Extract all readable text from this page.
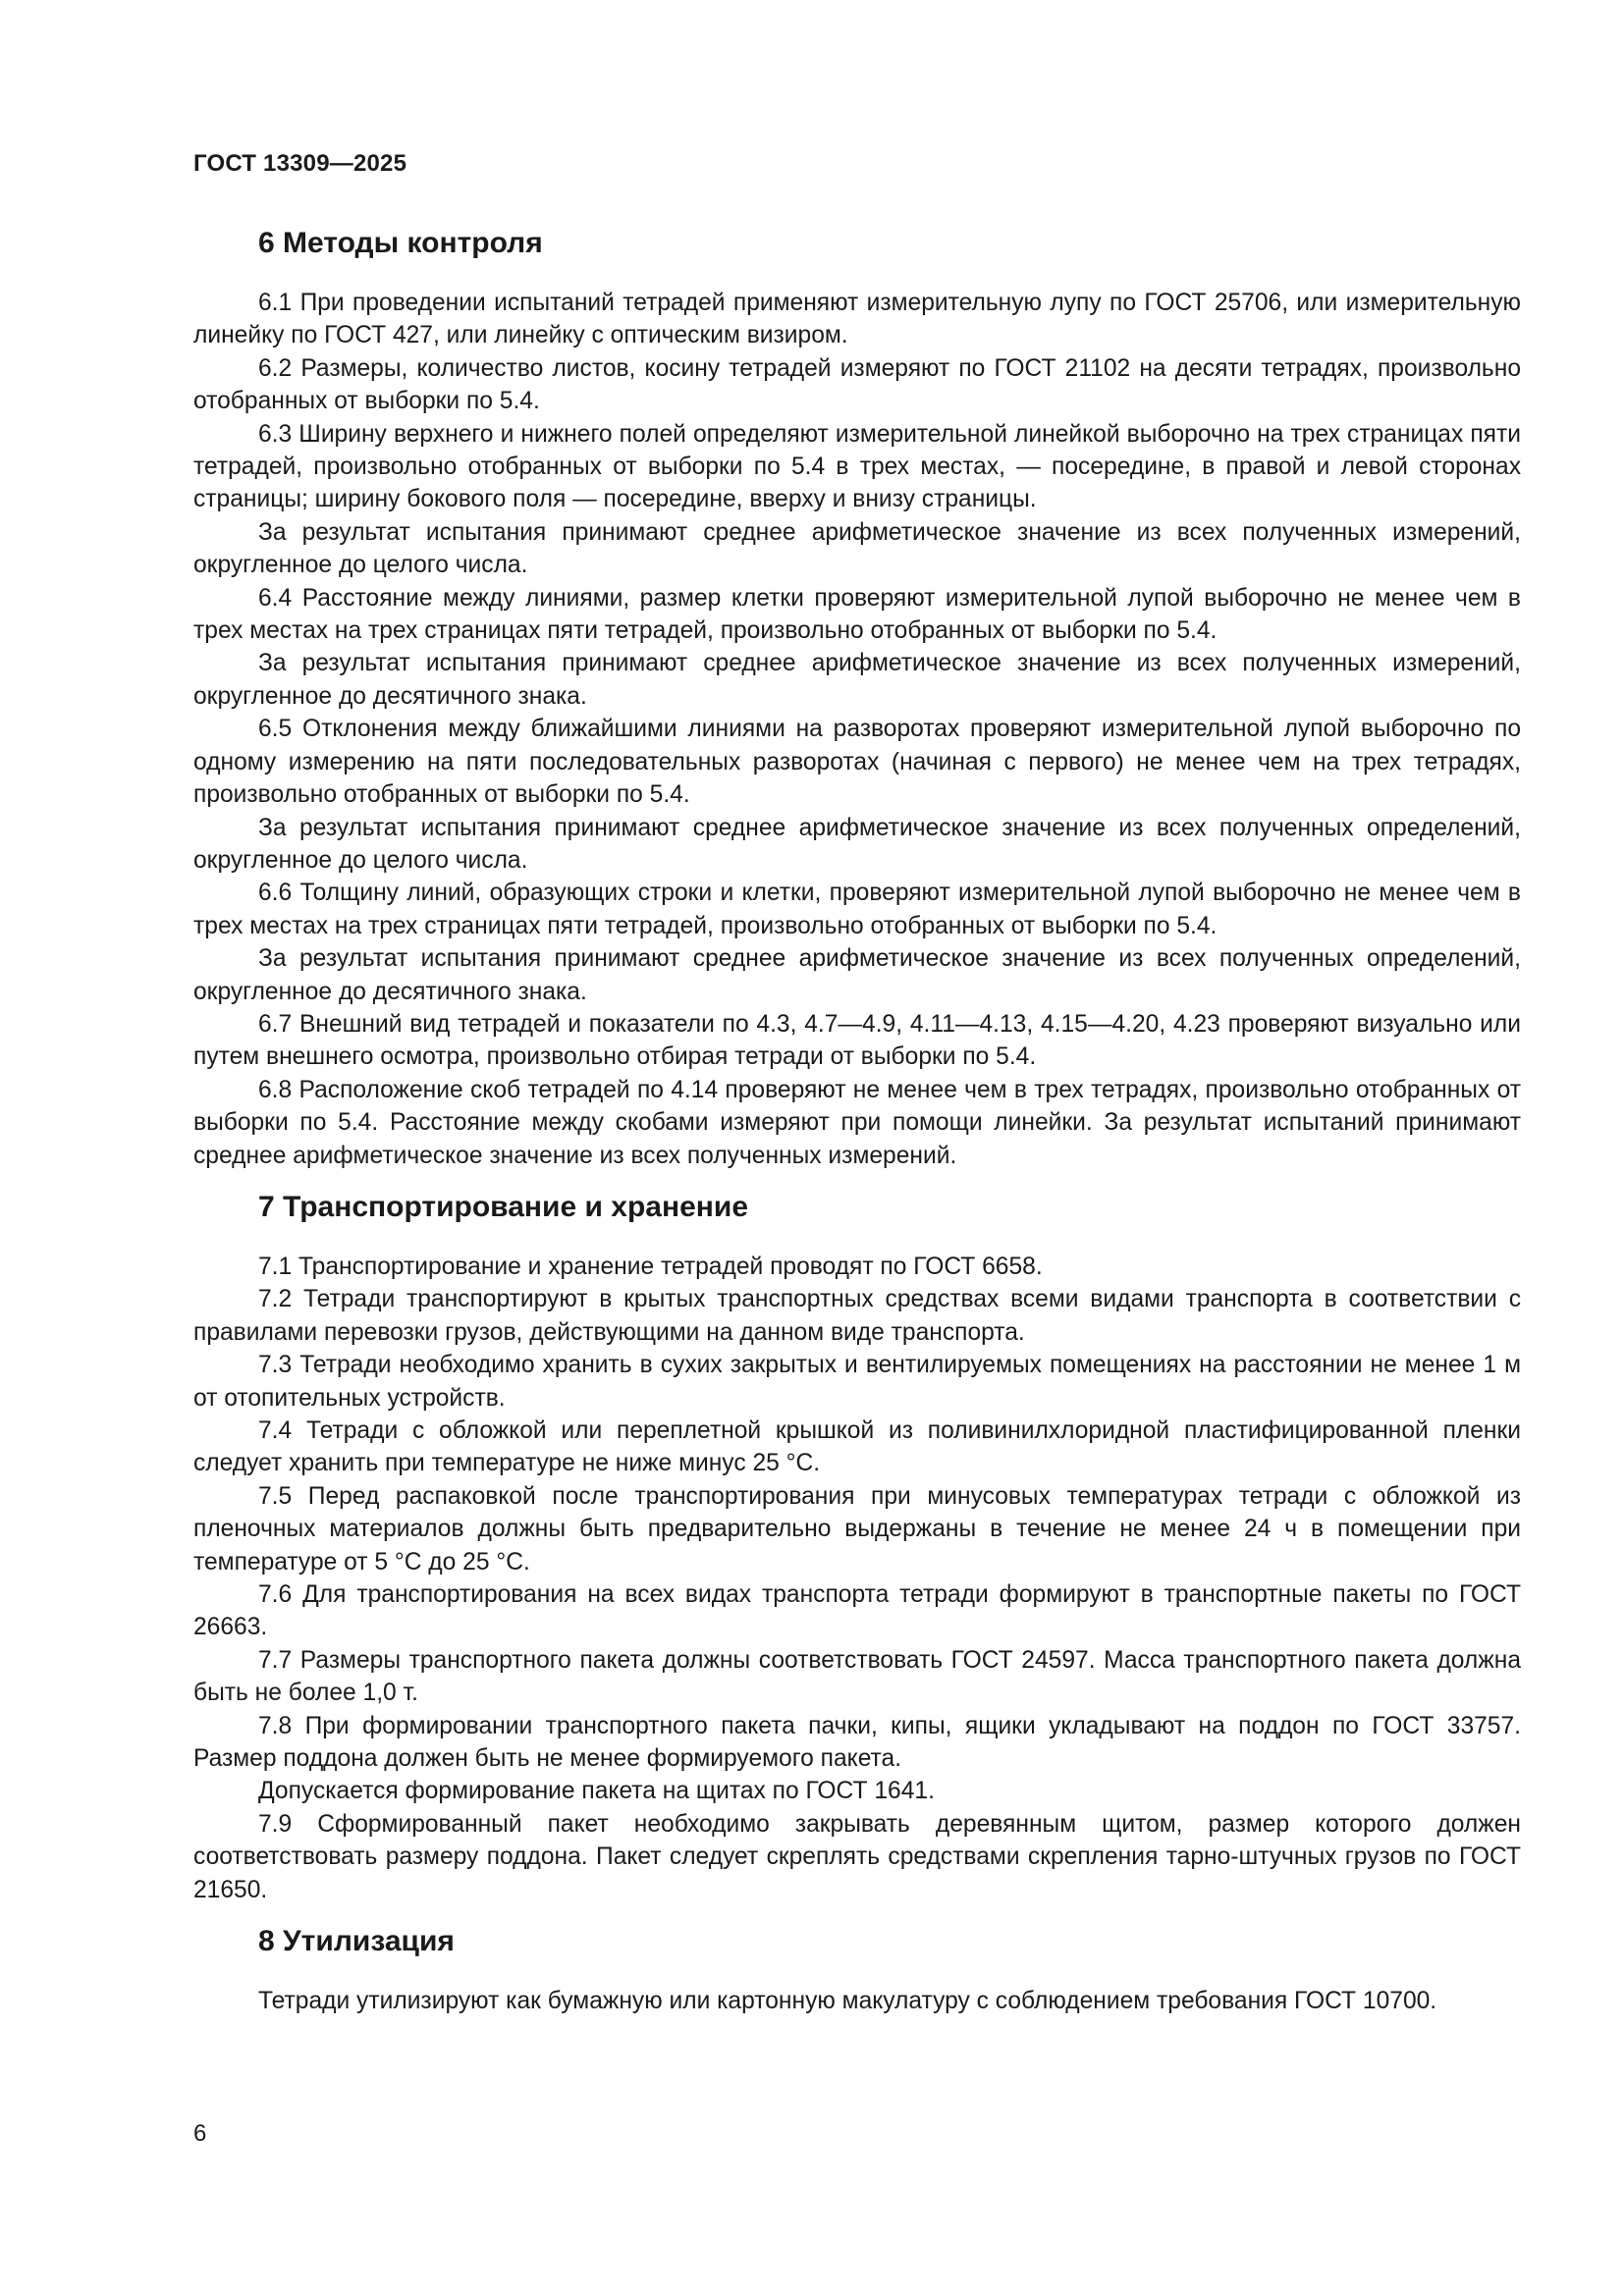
ГОСТ 13309—2025
6 Методы контроля

6.1 При проведении испытаний тетрадей применяют измерительную лупу по ГОСТ 25706, или измерительную линейку по ГОСТ 427, или линейку с оптическим визиром.

6.2 Размеры, количество листов, косину тетрадей измеряют по ГОСТ 21102 на десяти тетрадях, произвольно отобранных от выборки по 5.4.

6.3 Ширину верхнего и нижнего полей определяют измерительной линейкой выборочно на трех страницах пяти тетрадей, произвольно отобранных от выборки по 5.4 в трех местах, — посередине, в правой и левой сторонах страницы; ширину бокового поля — посередине, вверху и внизу страницы.

За результат испытания принимают среднее арифметическое значение из всех полученных измерений, округленное до целого числа.

6.4 Расстояние между линиями, размер клетки проверяют измерительной лупой выборочно не менее чем в трех местах на трех страницах пяти тетрадей, произвольно отобранных от выборки по 5.4.

За результат испытания принимают среднее арифметическое значение из всех полученных измерений, округленное до десятичного знака.

6.5 Отклонения между ближайшими линиями на разворотах проверяют измерительной лупой выборочно по одному измерению на пяти последовательных разворотах (начиная с первого) не менее чем на трех тетрадях, произвольно отобранных от выборки по 5.4.

За результат испытания принимают среднее арифметическое значение из всех полученных определений, округленное до целого числа.

6.6 Толщину линий, образующих строки и клетки, проверяют измерительной лупой выборочно не менее чем в трех местах на трех страницах пяти тетрадей, произвольно отобранных от выборки по 5.4.

За результат испытания принимают среднее арифметическое значение из всех полученных определений, округленное до десятичного знака.

6.7 Внешний вид тетрадей и показатели по 4.3, 4.7—4.9, 4.11—4.13, 4.15—4.20, 4.23 проверяют визуально или путем внешнего осмотра, произвольно отбирая тетради от выборки по 5.4.

6.8 Расположение скоб тетрадей по 4.14 проверяют не менее чем в трех тетрадях, произвольно отобранных от выборки по 5.4. Расстояние между скобами измеряют при помощи линейки. За результат испытаний принимают среднее арифметическое значение из всех полученных измерений.

7 Транспортирование и хранение

7.1 Транспортирование и хранение тетрадей проводят по ГОСТ 6658.

7.2 Тетради транспортируют в крытых транспортных средствах всеми видами транспорта в соответствии с правилами перевозки грузов, действующими на данном виде транспорта.

7.3 Тетради необходимо хранить в сухих закрытых и вентилируемых помещениях на расстоянии не менее 1 м от отопительных устройств.

7.4 Тетради с обложкой или переплетной крышкой из поливинилхлоридной пластифицированной пленки следует хранить при температуре не ниже минус 25 °С.

7.5 Перед распаковкой после транспортирования при минусовых температурах тетради с обложкой из пленочных материалов должны быть предварительно выдержаны в течение не менее 24 ч в помещении при температуре от 5 °С до 25 °С.

7.6 Для транспортирования на всех видах транспорта тетради формируют в транспортные пакеты по ГОСТ 26663.

7.7 Размеры транспортного пакета должны соответствовать ГОСТ 24597. Масса транспортного пакета должна быть не более 1,0 т.

7.8 При формировании транспортного пакета пачки, кипы, ящики укладывают на поддон по ГОСТ 33757. Размер поддона должен быть не менее формируемого пакета.

Допускается формирование пакета на щитах по ГОСТ 1641.

7.9 Сформированный пакет необходимо закрывать деревянным щитом, размер которого должен соответствовать размеру поддона. Пакет следует скреплять средствами скрепления тарно-штучных грузов по ГОСТ 21650.

8 Утилизация

Тетради утилизируют как бумажную или картонную макулатуру с соблюдением требования ГОСТ 10700.

6
